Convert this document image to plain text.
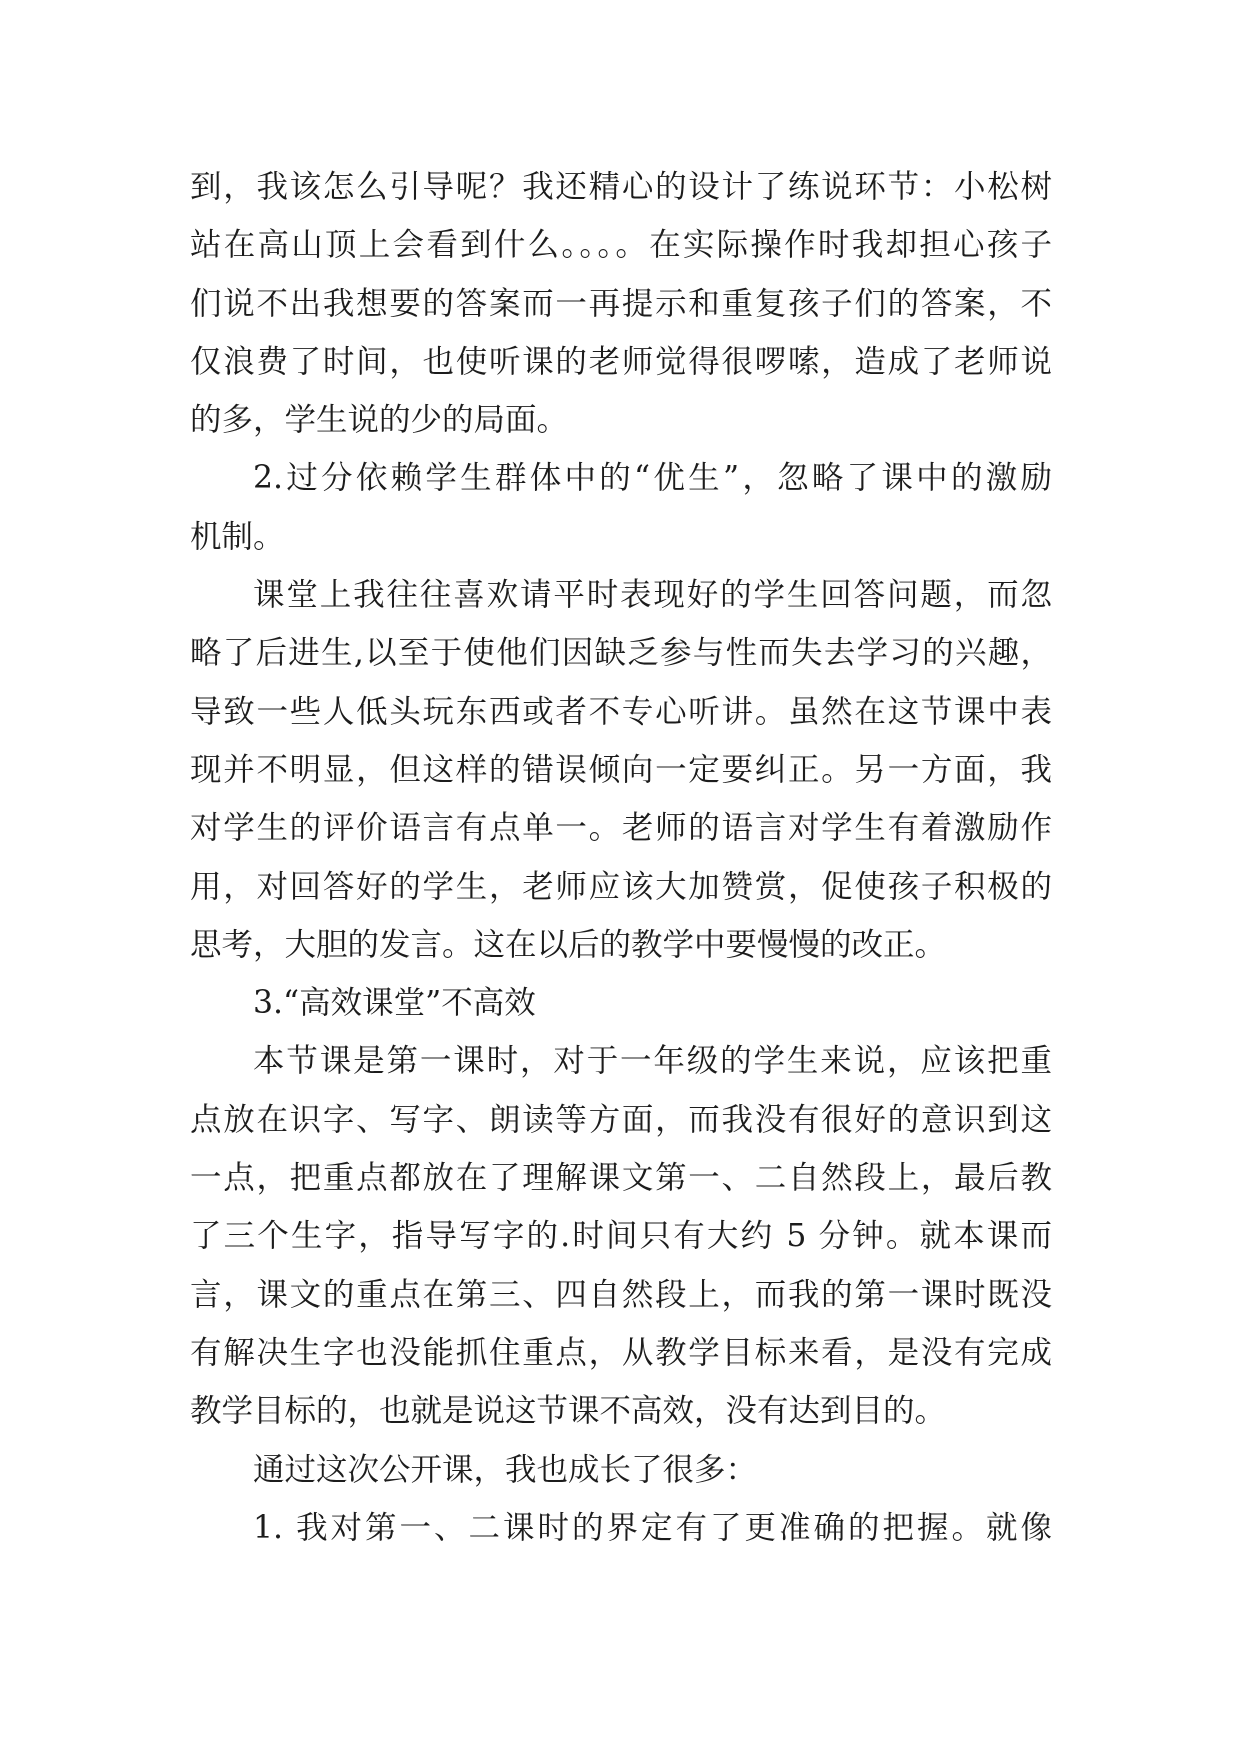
到，我该怎么引导呢？我还精心的设计了练说环节：小松树
站在高山顶上会看到什么。。。。在实际操作时我却担心孩子
们说不出我想要的答案而一再提示和重复孩子们的答案，不
仅浪费了时间，也使听课的老师觉得很啰嗦，造成了老师说
的多，学生说的少的局面。
2.过分依赖学生群体中的“优生”，忽略了课中的激励
机制。
课堂上我往往喜欢请平时表现好的学生回答问题，而忽
略了后进生,以至于使他们因缺乏参与性而失去学习的兴趣，
导致一些人低头玩东西或者不专心听讲。虽然在这节课中表
现并不明显，但这样的错误倾向一定要纠正。另一方面，我
对学生的评价语言有点单一。老师的语言对学生有着激励作
用，对回答好的学生，老师应该大加赞赏，促使孩子积极的
思考，大胆的发言。这在以后的教学中要慢慢的改正。
3.“高效课堂”不高效
本节课是第一课时，对于一年级的学生来说，应该把重
点放在识字、写字、朗读等方面，而我没有很好的意识到这
一点，把重点都放在了理解课文第一、二自然段上，最后教
了三个生字，指导写字的.时间只有大约 5 分钟。就本课而
言，课文的重点在第三、四自然段上，而我的第一课时既没
有解决生字也没能抓住重点，从教学目标来看，是没有完成
教学目标的，也就是说这节课不高效，没有达到目的。
通过这次公开课，我也成长了很多：
1. 我对第一、二课时的界定有了更准确的把握。就像
